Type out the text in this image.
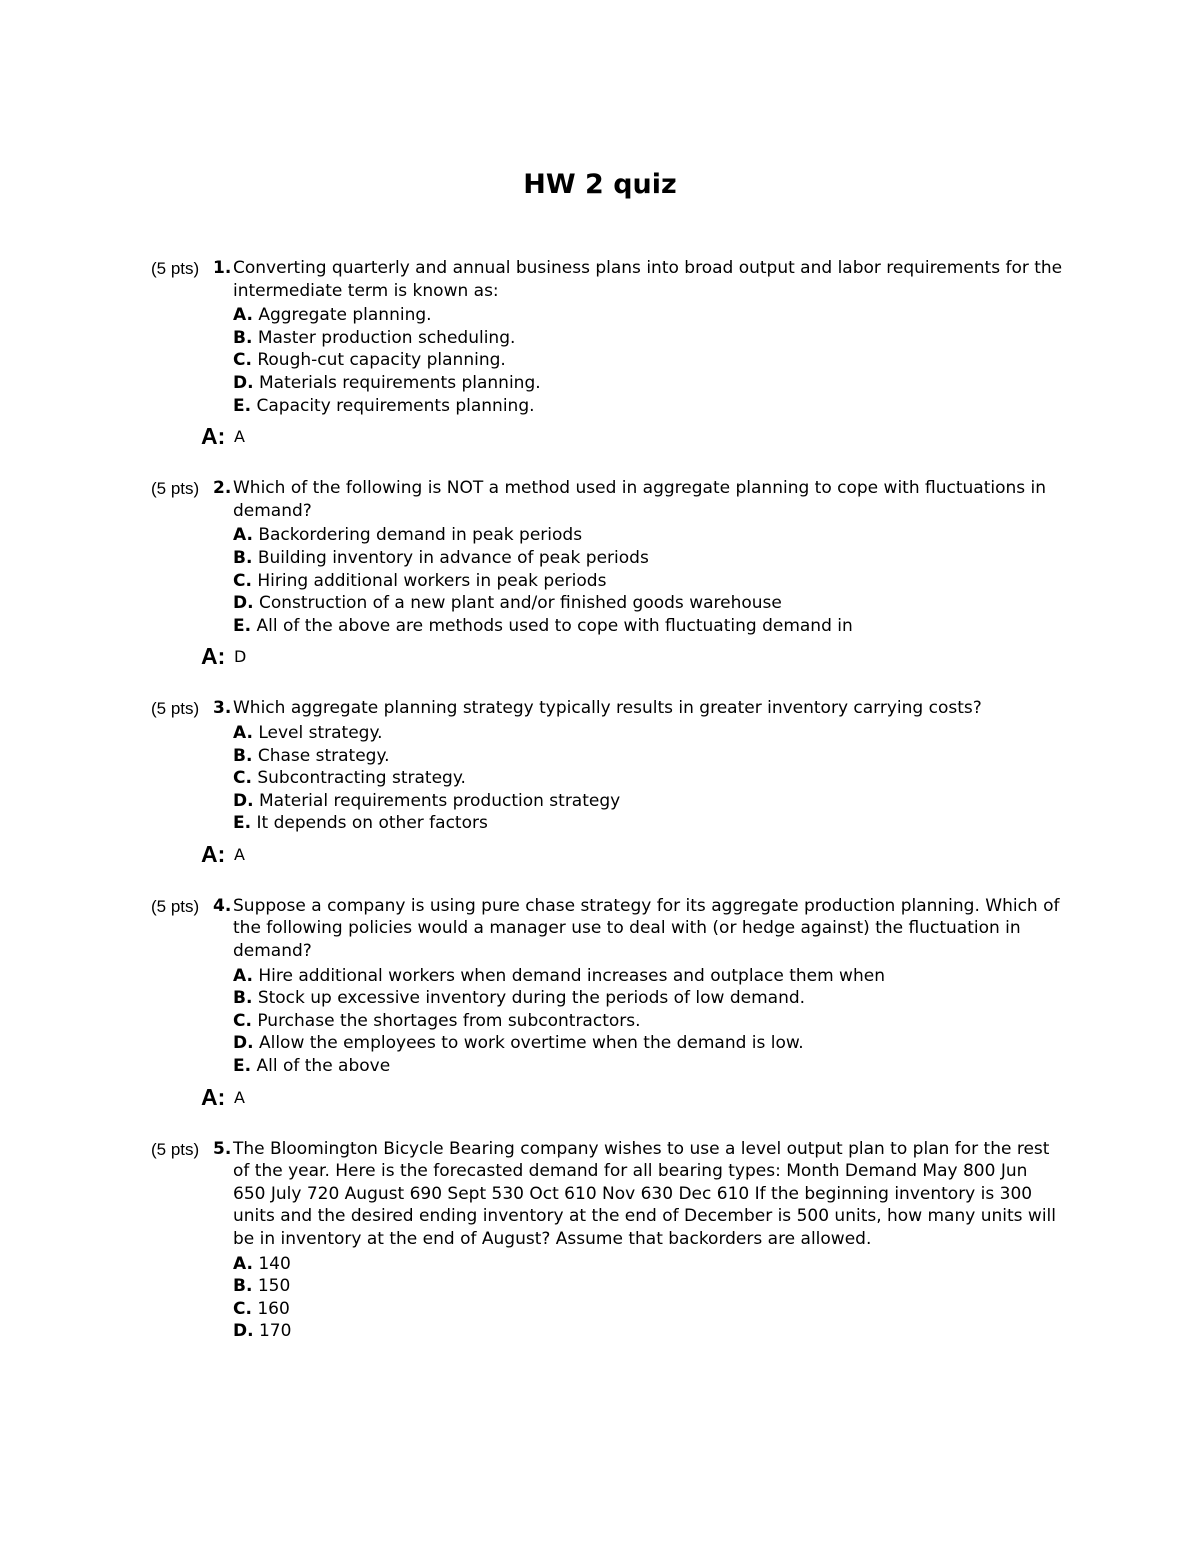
HW 2 quiz
(5 pts) 1. Converting quarterly and annual business plans into broad output and labor requirements for the intermediate term is known as:

A. Aggregate planning.
B. Master production scheduling.
C. Rough-cut capacity planning.
D. Materials requirements planning.
E. Capacity requirements planning.
A: A
(5 pts) 2. Which of the following is NOT a method used in aggregate planning to cope with fluctuations in demand?

A. Backordering demand in peak periods
B. Building inventory in advance of peak periods
C. Hiring additional workers in peak periods
D. Construction of a new plant and/or finished goods warehouse
E. All of the above are methods used to cope with fluctuating demand in
A: D
(5 pts) 3. Which aggregate planning strategy typically results in greater inventory carrying costs?

A. Level strategy.
B. Chase strategy.
C. Subcontracting strategy.
D. Material requirements production strategy
E. It depends on other factors
A: A
(5 pts) 4. Suppose a company is using pure chase strategy for its aggregate production planning. Which of the following policies would a manager use to deal with (or hedge against) the fluctuation in demand?

A. Hire additional workers when demand increases and outplace them when
B. Stock up excessive inventory during the periods of low demand.
C. Purchase the shortages from subcontractors.
D. Allow the employees to work overtime when the demand is low.
E. All of the above
A: A
(5 pts) 5. The Bloomington Bicycle Bearing company wishes to use a level output plan to plan for the rest of the year. Here is the forecasted demand for all bearing types: Month Demand May 800 Jun 650 July 720 August 690 Sept 530 Oct 610 Nov 630 Dec 610 If the beginning inventory is 300 units and the desired ending inventory at the end of December is 500 units, how many units will be in inventory at the end of August? Assume that backorders are allowed.

A. 140
B. 150
C. 160
D. 170
